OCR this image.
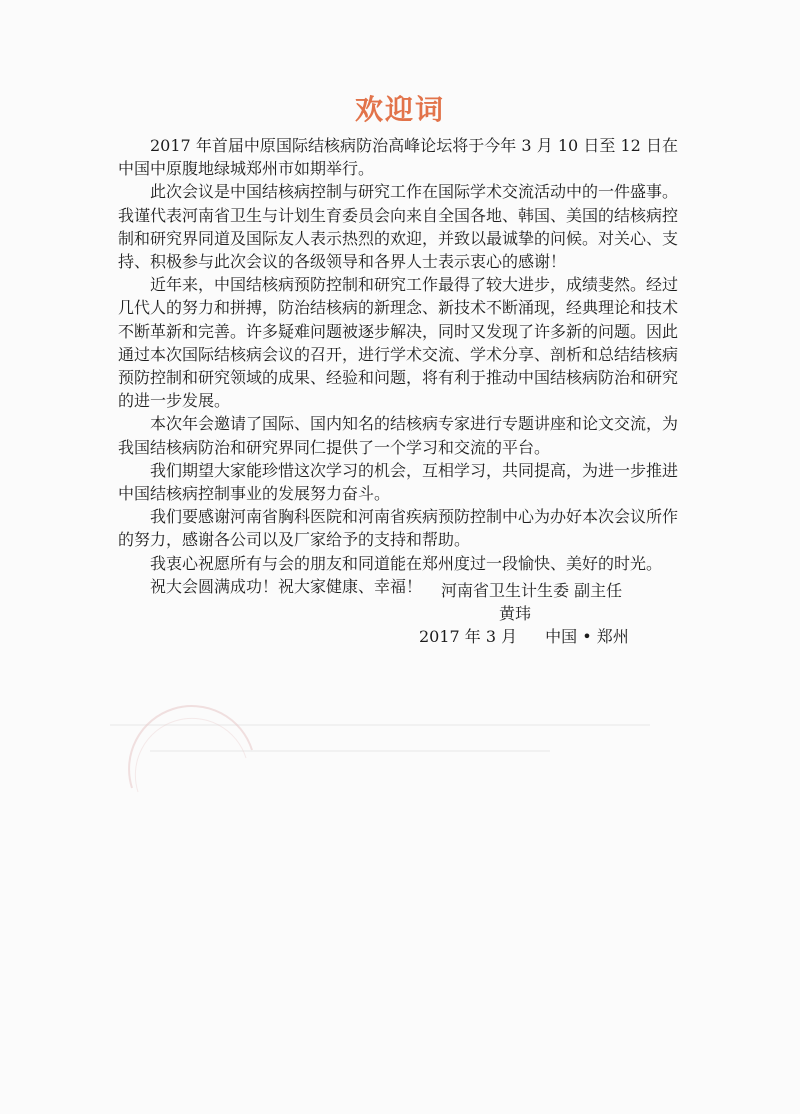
欢迎词

2017 年首届中原国际结核病防治高峰论坛将于今年 3 月 10 日至 12 日在中国中原腹地绿城郑州市如期举行。

此次会议是中国结核病控制与研究工作在国际学术交流活动中的一件盛事。我谨代表河南省卫生与计划生育委员会向来自全国各地、韩国、美国的结核病控制和研究界同道及国际友人表示热烈的欢迎，并致以最诚挚的问候。对关心、支持、积极参与此次会议的各级领导和各界人士表示衷心的感谢！

近年来，中国结核病预防控制和研究工作最得了较大进步，成绩斐然。经过几代人的努力和拼搏，防治结核病的新理念、新技术不断涌现，经典理论和技术不断革新和完善。许多疑难问题被逐步解决，同时又发现了许多新的问题。因此通过本次国际结核病会议的召开，进行学术交流、学术分享、剖析和总结结核病预防控制和研究领域的成果、经验和问题，将有利于推动中国结核病防治和研究的进一步发展。

本次年会邀请了国际、国内知名的结核病专家进行专题讲座和论文交流，为我国结核病防治和研究界同仁提供了一个学习和交流的平台。

我们期望大家能珍惜这次学习的机会，互相学习，共同提高，为进一步推进中国结核病控制事业的发展努力奋斗。

我们要感谢河南省胸科医院和河南省疾病预防控制中心为办好本次会议所作的努力，感谢各公司以及厂家给予的支持和帮助。

我衷心祝愿所有与会的朋友和同道能在郑州度过一段愉快、美好的时光。

祝大会圆满成功！祝大家健康、幸福！	河南省卫生计生委 副主任
黄玮
2017 年 3 月 中国 • 郑州
